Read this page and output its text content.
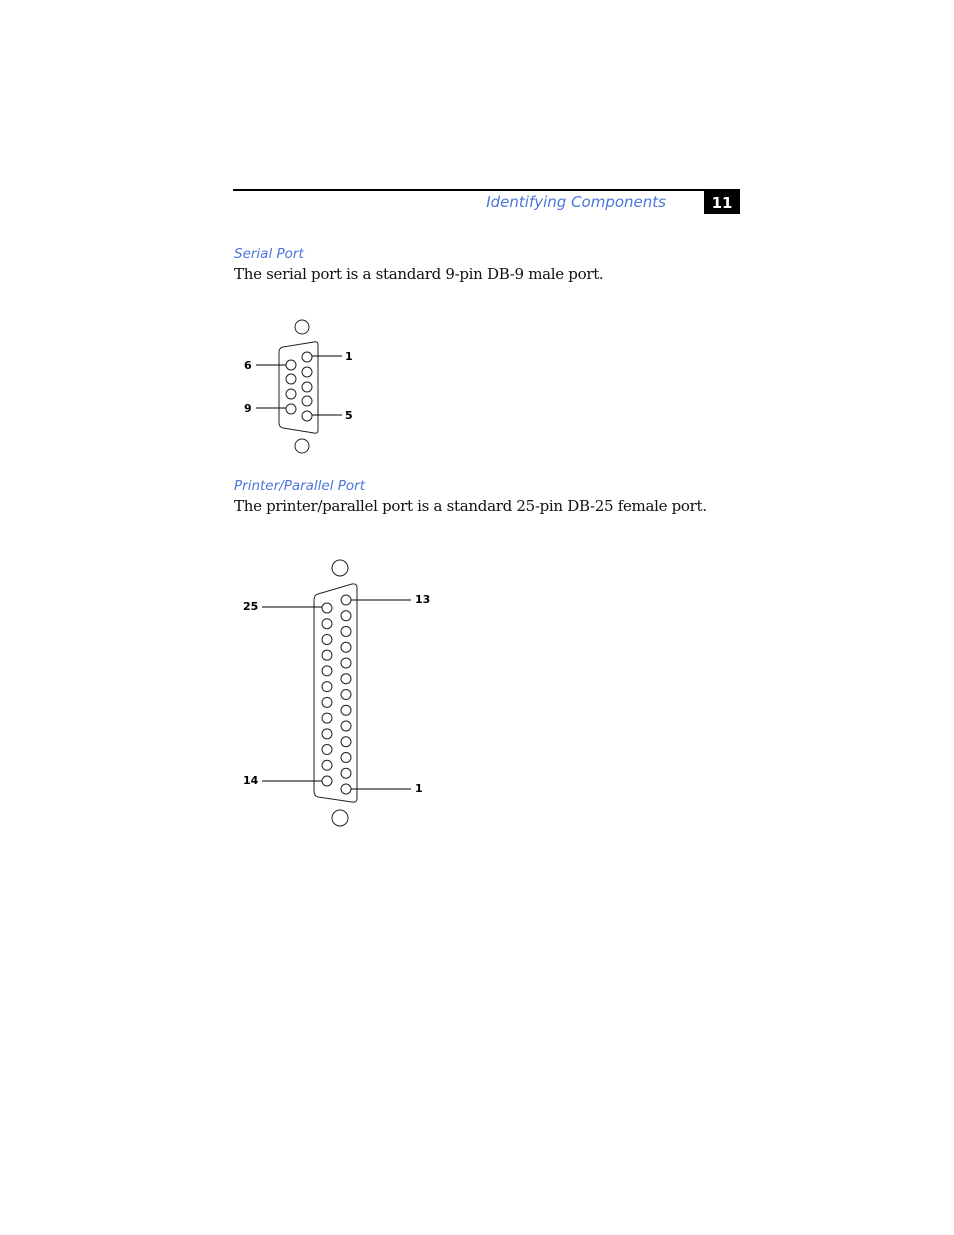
Identifying Components	11
Serial Port
The serial port is a standard 9-pin DB-9 male port.
1
6
9
5
25
13
14
1
Printer/Parallel Port
The printer/parallel port is a standard 25-pin DB-25 female port.
